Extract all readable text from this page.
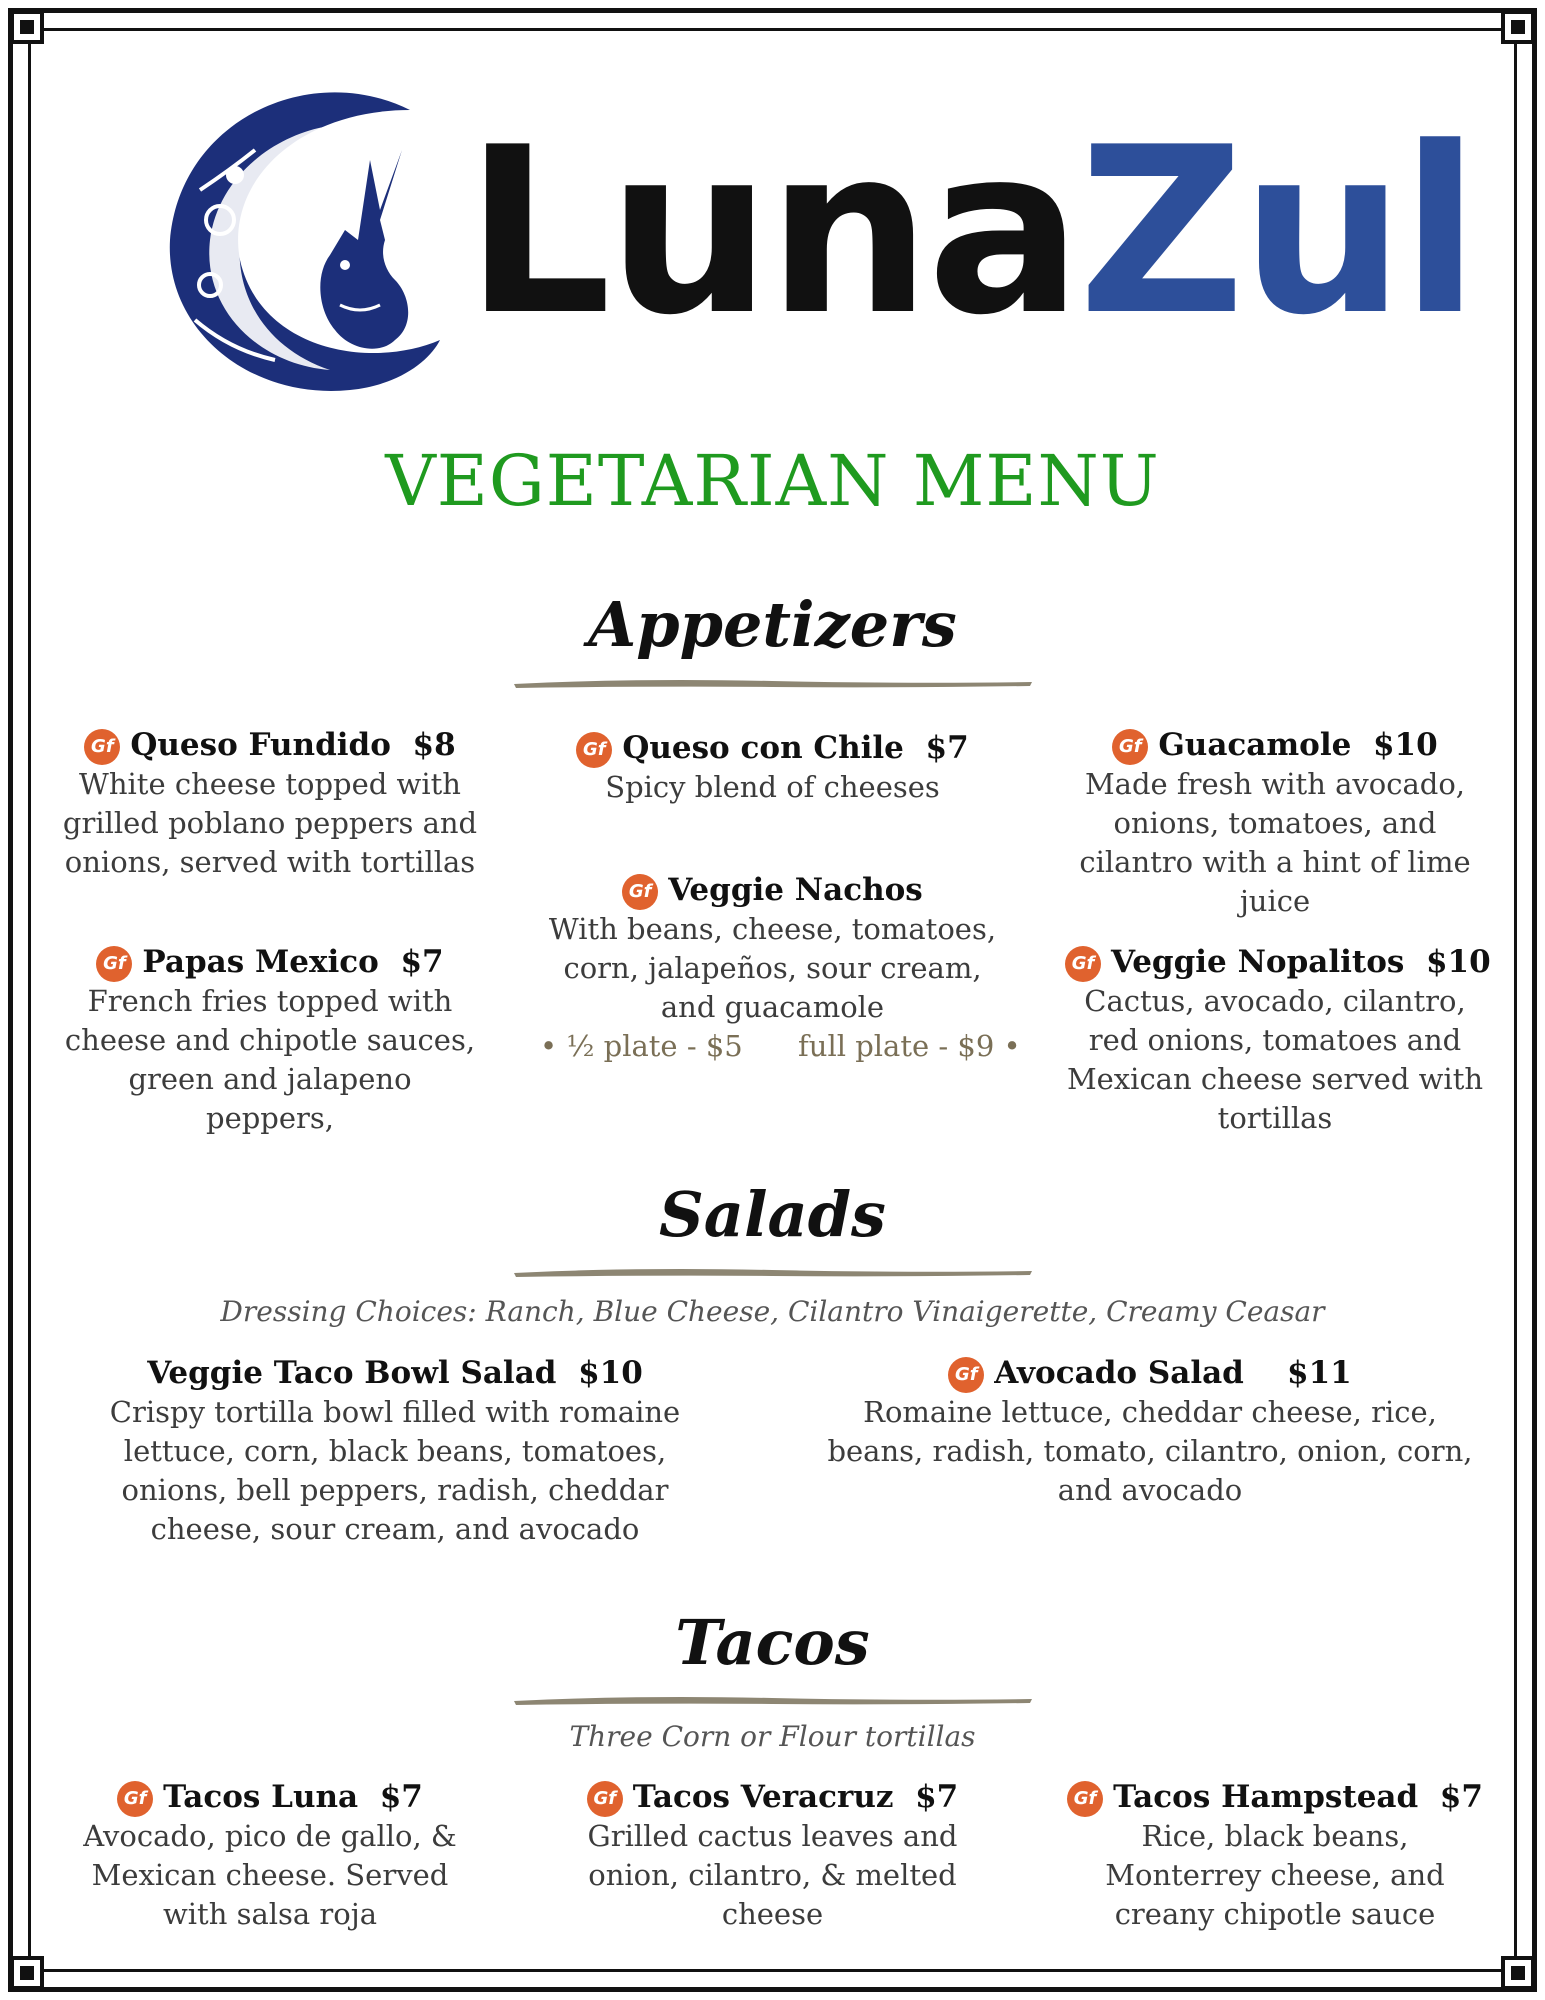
LunaZul
VEGETARIAN MENU
Appetizers
Gf Queso Fundido $8
White cheese topped with grilled poblano peppers and onions, served with tortillas
Gf Papas Mexico $7
French fries topped with cheese and chipotle sauces, green and jalapeno peppers,
Gf Queso con Chile $7
Spicy blend of cheeses
Gf Veggie Nachos
With beans, cheese, tomatoes, corn, jalapeños, sour cream, and guacamole
• ½ plate - $5      full plate - $9 •
Gf Guacamole $10
Made fresh with avocado, onions, tomatoes, and cilantro with a hint of lime juice
Gf Veggie Nopalitos $10
Cactus, avocado, cilantro, red onions, tomatoes and Mexican cheese served with tortillas
Salads
Dressing Choices: Ranch, Blue Cheese, Cilantro Vinaigerette, Creamy Ceasar
Veggie Taco Bowl Salad $10
Crispy tortilla bowl filled with romaine lettuce, corn, black beans, tomatoes, onions, bell peppers, radish, cheddar cheese, sour cream, and avocado
Gf Avocado Salad $11
Romaine lettuce, cheddar cheese, rice, beans, radish, tomato, cilantro, onion, corn, and avocado
Tacos
Three Corn or Flour tortillas
Gf Tacos Luna $7
Avocado, pico de gallo, & Mexican cheese. Served with salsa roja
Gf Tacos Veracruz $7
Grilled cactus leaves and onion, cilantro, & melted cheese
Gf Tacos Hampstead $7
Rice, black beans, Monterrey cheese, and creany chipotle sauce
